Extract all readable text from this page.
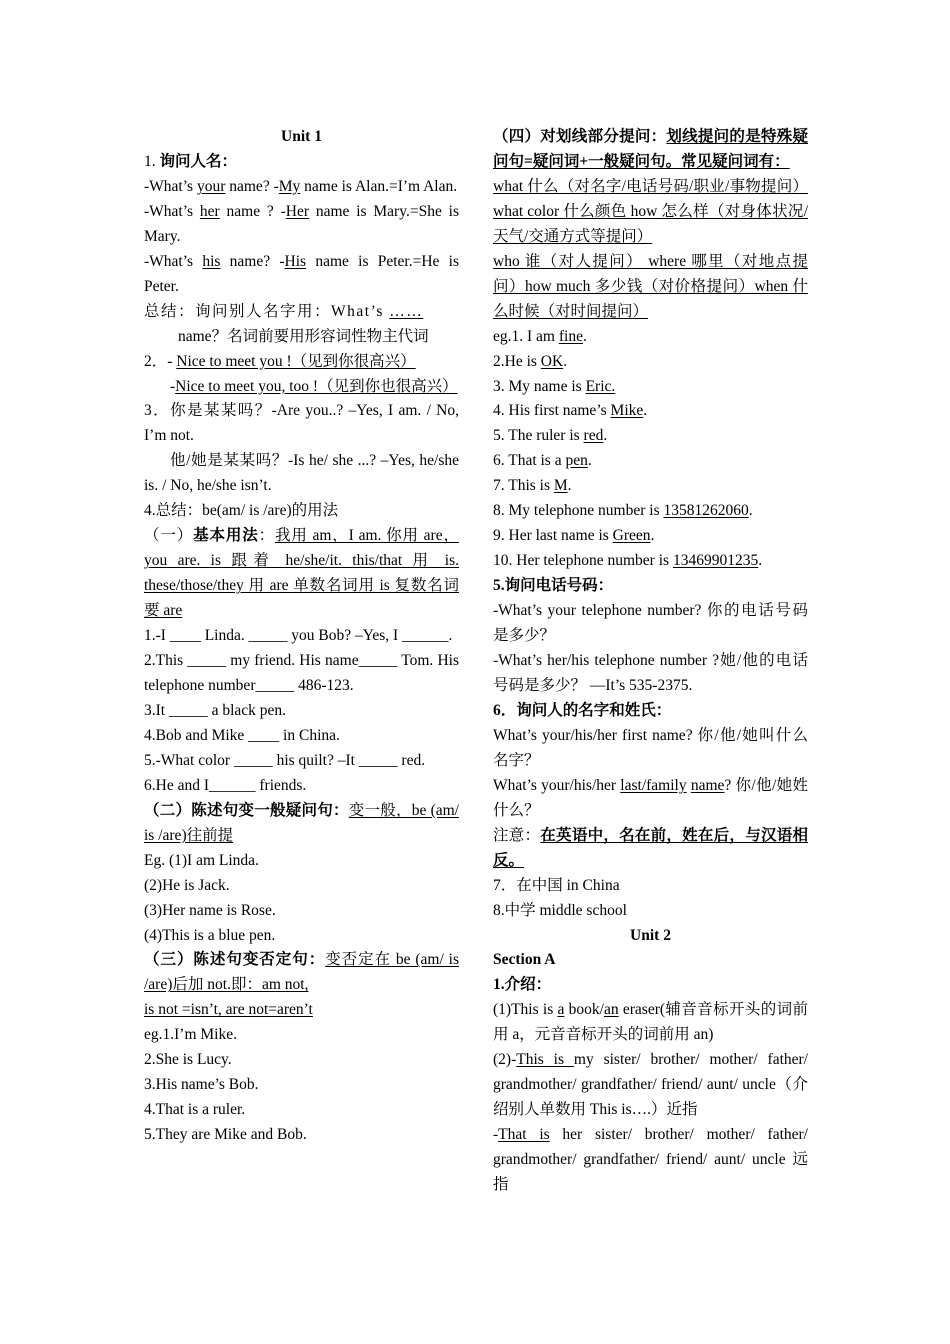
Unit 1

1. 询问人名：

-What’s your name? -My name is Alan.=I’m Alan.

-What’s her name ? -Her name is Mary.=She is Mary.

-What’s his name? -His name is Peter.=He is Peter.

总结：询问别人名字用：What’s ……

name？名词前要用形容词性物主代词

2．- Nice to meet you !（见到你很高兴）

-Nice to meet you, too !（见到你也很高兴）

3．你是某某吗？-Are you..? –Yes, I am. / No, I’m not.

他/她是某某吗？-Is he/ she ...? –Yes, he/she is. / No, he/she isn’t.

4.总结：be(am/ is /are)的用法

（一）基本用法：我用 am，I am. 你用 are，you are. is 跟着 he/she/it. this/that 用 is. these/those/they 用 are 单数名词用 is 复数名词要 are

1.-I ____ Linda. _____ you Bob? –Yes, I ______.

2.This _____ my friend. His name_____ Tom. His telephone number_____ 486-123.

3.It _____ a black pen.

4.Bob and Mike ____ in China.

5.-What color _____ his quilt? –It _____ red.

6.He and I______ friends.

（二）陈述句变一般疑问句：变一般，be (am/ is /are)往前提

Eg. (1)I am Linda.

(2)He is Jack.

(3)Her name is Rose.

(4)This is a blue pen.

（三）陈述句变否定句：变否定在 be (am/ is /are)后加 not.即：am not,

is not =isn’t, are not=aren’t

eg.1.I’m Mike.

2.She is Lucy.

3.His name’s Bob.

4.That is a ruler.

5.They are Mike and Bob.

（四）对划线部分提问：划线提问的是特殊疑问句=疑问词+一般疑问句。常见疑问词有：

what 什么（对名字/电话号码/职业/事物提问） what color 什么颜色 how 怎么样（对身体状况/天气/交通方式等提问）

who 谁（对人提问） where 哪里（对地点提问）how much 多少钱（对价格提问）when 什么时候（对时间提问）

eg.1. I am fine.

2.He is OK.

3. My name is Eric.

4. His first name’s Mike.

5. The ruler is red.

6. That is a pen.

7. This is M.

8. My telephone number is 13581262060.

9. Her last name is Green.

10. Her telephone number is 13469901235.

5.询问电话号码：

-What’s your telephone number? 你的电话号码是多少？

-What’s her/his telephone number ?她/他的电话号码是多少？ —It’s 535-2375.

6．询问人的名字和姓氏：

What’s your/his/her first name? 你/他/她叫什么名字？

What’s your/his/her last/family name? 你/他/她姓什么？

注意：在英语中，名在前，姓在后，与汉语相反。

7．在中国 in China

8.中学 middle school

Unit 2

Section A

1.介绍：

(1)This is a book/an eraser(辅音音标开头的词前用 a，元音音标开头的词前用 an)

(2)-This is my sister/ brother/ mother/ father/ grandmother/ grandfather/ friend/ aunt/ uncle（介绍别人单数用 This is….）近指

-That is her sister/ brother/ mother/ father/ grandmother/ grandfather/ friend/ aunt/ uncle 远指
